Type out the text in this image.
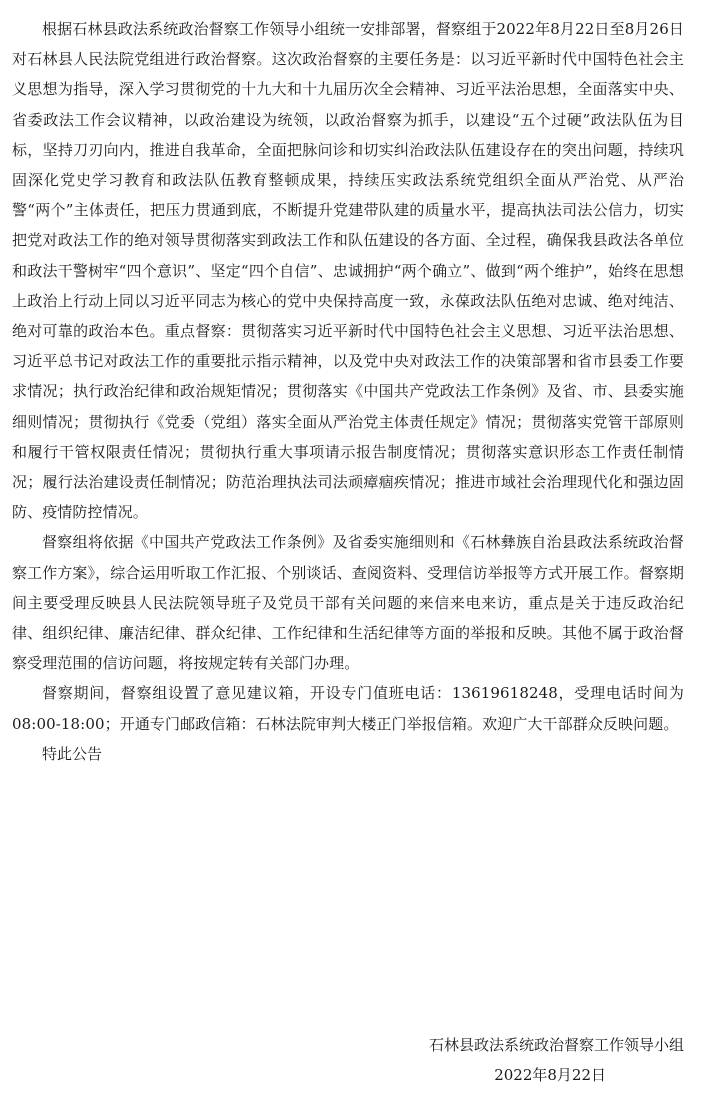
根据石林县政法系统政治督察工作领导小组统一安排部署，督察组于2022年8月22日至8月26日对石林县人民法院党组进行政治督察。这次政治督察的主要任务是：以习近平新时代中国特色社会主义思想为指导，深入学习贯彻党的十九大和十九届历次全会精神、习近平法治思想，全面落实中央、省委政法工作会议精神，以政治建设为统领，以政治督察为抓手，以建设“五个过硬”政法队伍为目标，坚持刀刃向内，推进自我革命，全面把脉问诊和切实纠治政法队伍建设存在的突出问题，持续巩固深化党史学习教育和政法队伍教育整顿成果，持续压实政法系统党组织全面从严治党、从严治警“两个”主体责任，把压力贯通到底，不断提升党建带队建的质量水平，提高执法司法公信力，切实把党对政法工作的绝对领导贯彻落实到政法工作和队伍建设的各方面、全过程，确保我县政法各单位和政法干警树牢“四个意识”、坚定“四个自信”、忠诚拥护“两个确立”、做到“两个维护”，始终在思想上政治上行动上同以习近平同志为核心的党中央保持高度一致，永葆政法队伍绝对忠诚、绝对纯洁、绝对可靠的政治本色。重点督察：贯彻落实习近平新时代中国特色社会主义思想、习近平法治思想、习近平总书记对政法工作的重要批示指示精神，以及党中央对政法工作的决策部署和省市县委工作要求情况；执行政治纪律和政治规矩情况；贯彻落实《中国共产党政法工作条例》及省、市、县委实施细则情况；贯彻执行《党委（党组）落实全面从严治党主体责任规定》情况；贯彻落实党管干部原则和履行干管权限责任情况；贯彻执行重大事项请示报告制度情况；贯彻落实意识形态工作责任制情况；履行法治建设责任制情况；防范治理执法司法顽瘴痼疾情况；推进市域社会治理现代化和强边固防、疫情防控情况。

督察组将依据《中国共产党政法工作条例》及省委实施细则和《石林彝族自治县政法系统政治督察工作方案》，综合运用听取工作汇报、个别谈话、查阅资料、受理信访举报等方式开展工作。督察期间主要受理反映县人民法院领导班子及党员干部有关问题的来信来电来访，重点是关于违反政治纪律、组织纪律、廉洁纪律、群众纪律、工作纪律和生活纪律等方面的举报和反映。其他不属于政治督察受理范围的信访问题，将按规定转有关部门办理。

督察期间，督察组设置了意见建议箱，开设专门值班电话：13619618248，受理电话时间为08:00-18:00；开通专门邮政信箱：石林法院审判大楼正门举报信箱。欢迎广大干部群众反映问题。

特此公告

石林县政法系统政治督察工作领导小组
2022年8月22日
